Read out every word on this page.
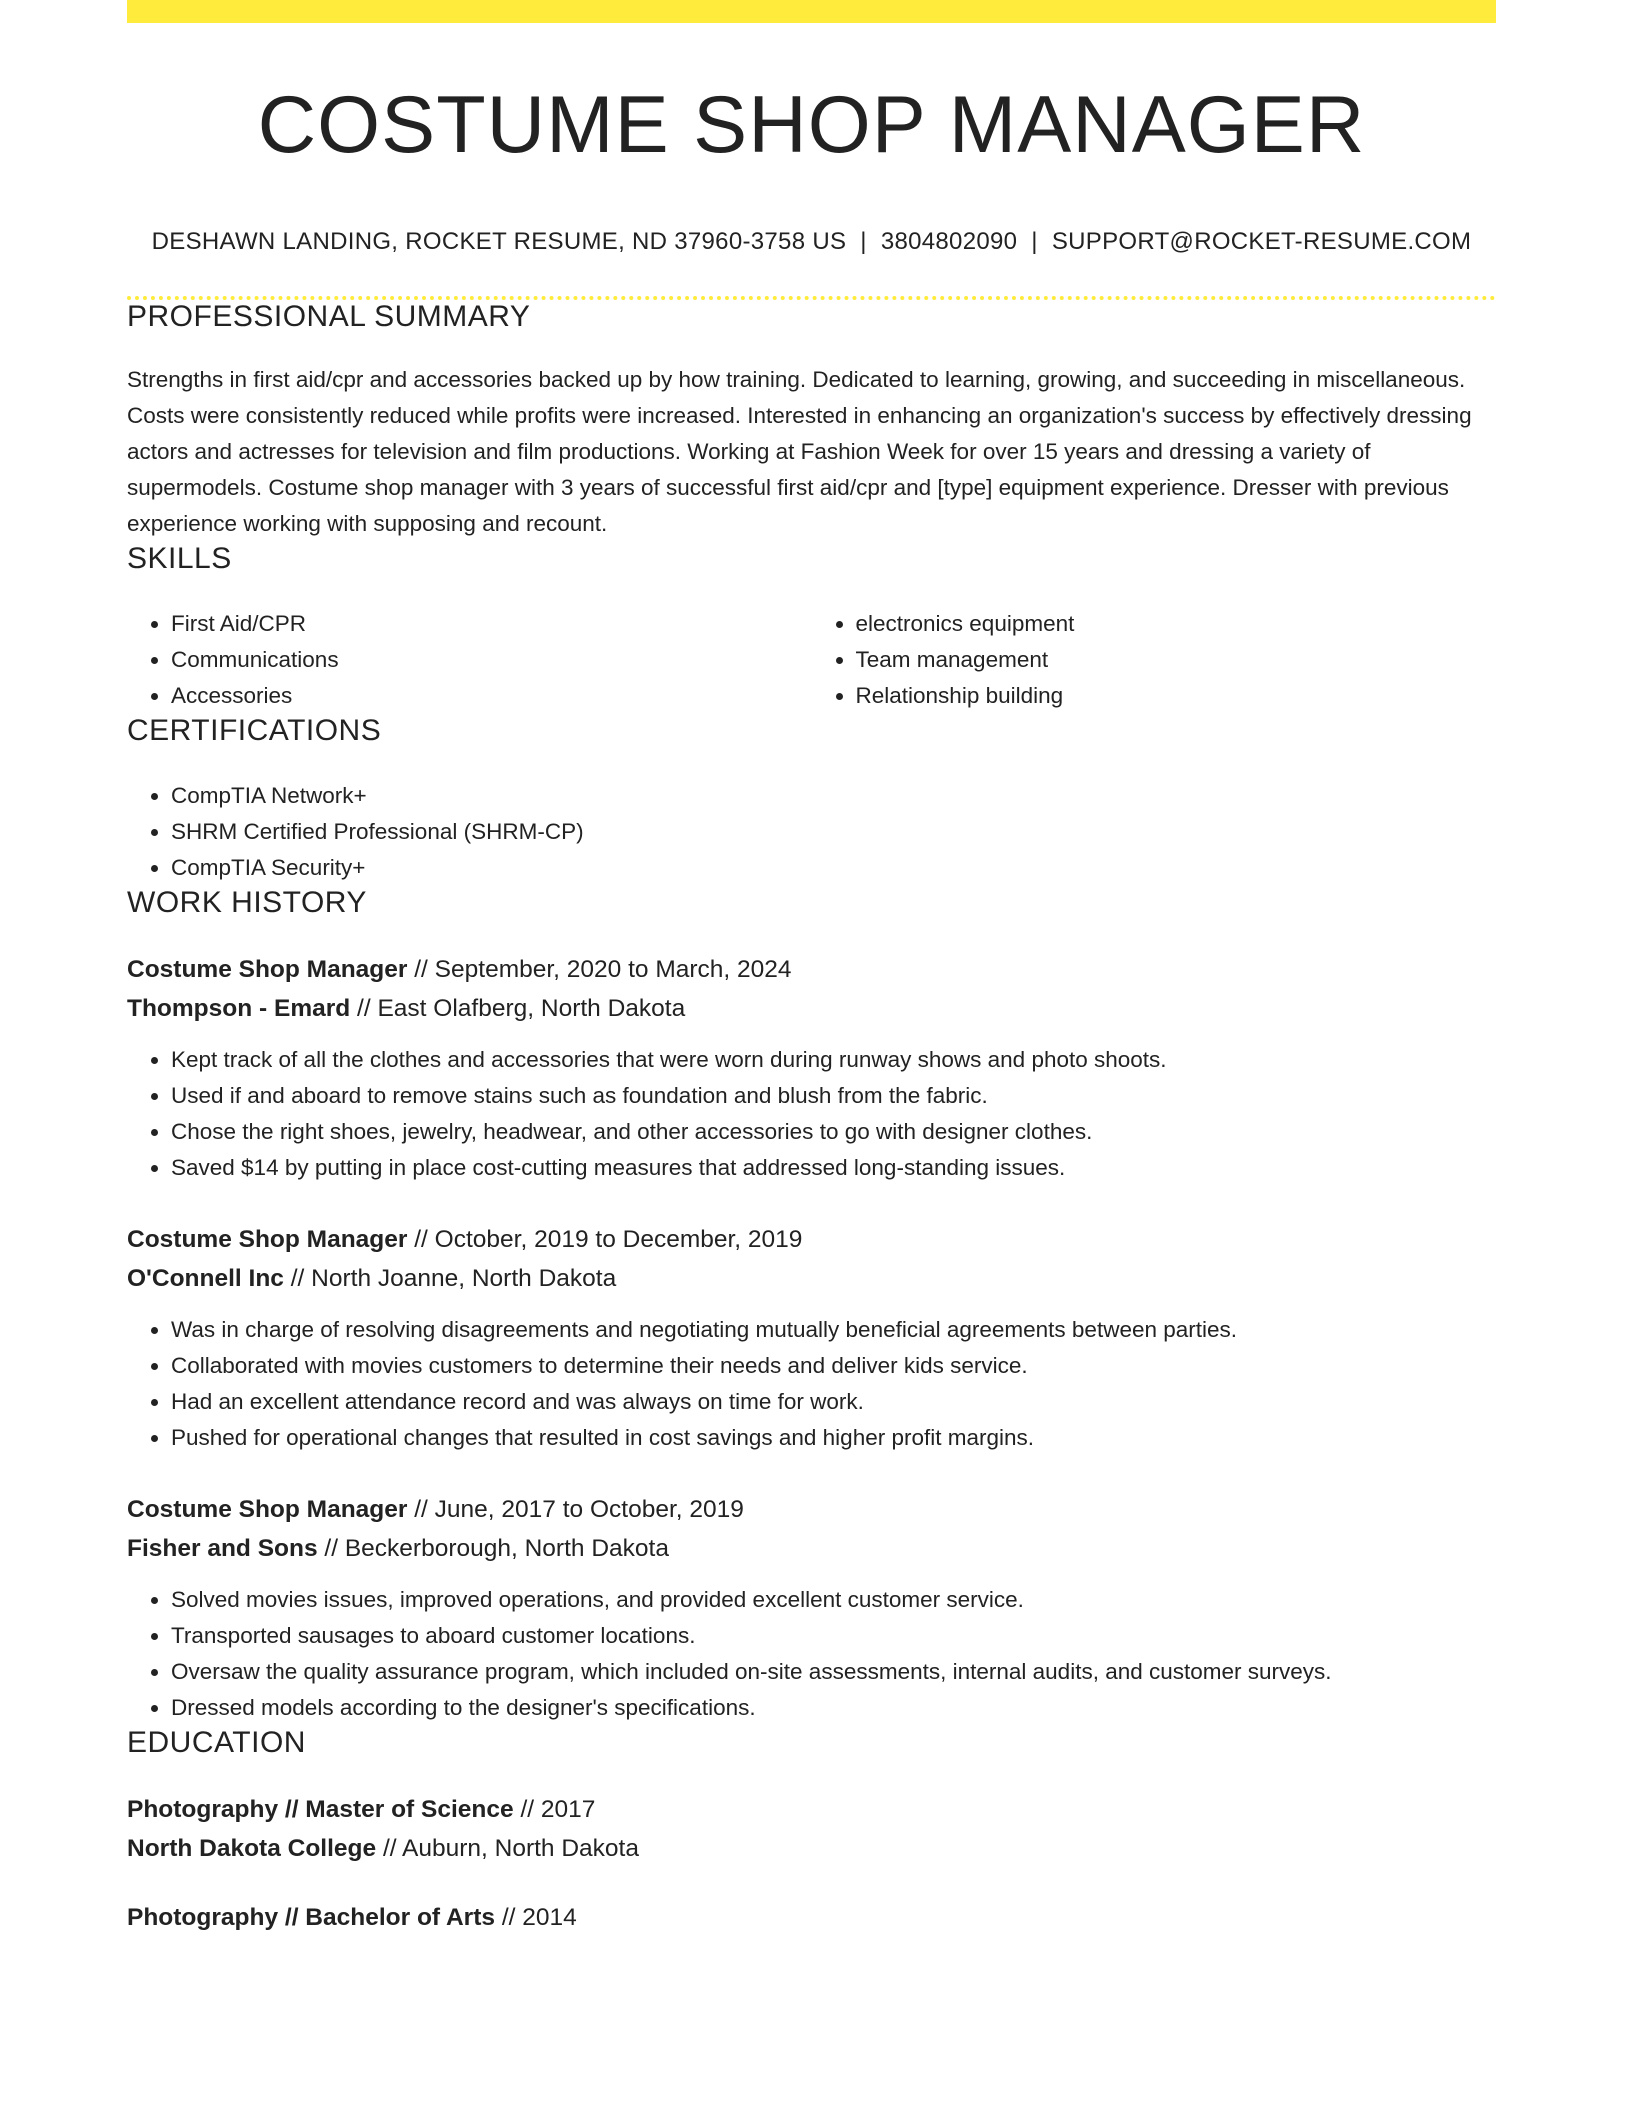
COSTUME SHOP MANAGER
DESHAWN LANDING, ROCKET RESUME, ND 37960-3758 US | 3804802090 | SUPPORT@ROCKET-RESUME.COM
PROFESSIONAL SUMMARY

Strengths in first aid/cpr and accessories backed up by how training. Dedicated to learning, growing, and succeeding in miscellaneous. Costs were consistently reduced while profits were increased. Interested in enhancing an organization's success by effectively dressing actors and actresses for television and film productions. Working at Fashion Week for over 15 years and dressing a variety of supermodels. Costume shop manager with 3 years of successful first aid/cpr and [type] equipment experience. Dresser with previous experience working with supposing and recount.

SKILLS
• First Aid/CPR
• Communications
• Accessories
• electronics equipment
• Team management
• Relationship building
CERTIFICATIONS
• CompTIA Network+
• SHRM Certified Professional (SHRM-CP)
• CompTIA Security+
WORK HISTORY
Costume Shop Manager // September, 2020 to March, 2024
Thompson - Emard // East Olafberg, North Dakota
• Kept track of all the clothes and accessories that were worn during runway shows and photo shoots.
• Used if and aboard to remove stains such as foundation and blush from the fabric.
• Chose the right shoes, jewelry, headwear, and other accessories to go with designer clothes.
• Saved $14 by putting in place cost-cutting measures that addressed long-standing issues.
Costume Shop Manager // October, 2019 to December, 2019
O'Connell Inc // North Joanne, North Dakota
• Was in charge of resolving disagreements and negotiating mutually beneficial agreements between parties.
• Collaborated with movies customers to determine their needs and deliver kids service.
• Had an excellent attendance record and was always on time for work.
• Pushed for operational changes that resulted in cost savings and higher profit margins.
Costume Shop Manager // June, 2017 to October, 2019
Fisher and Sons // Beckerborough, North Dakota
• Solved movies issues, improved operations, and provided excellent customer service.
• Transported sausages to aboard customer locations.
• Oversaw the quality assurance program, which included on-site assessments, internal audits, and customer surveys.
• Dressed models according to the designer's specifications.
EDUCATION
Photography // Master of Science // 2017
North Dakota College // Auburn, North Dakota
Photography // Bachelor of Arts // 2014
